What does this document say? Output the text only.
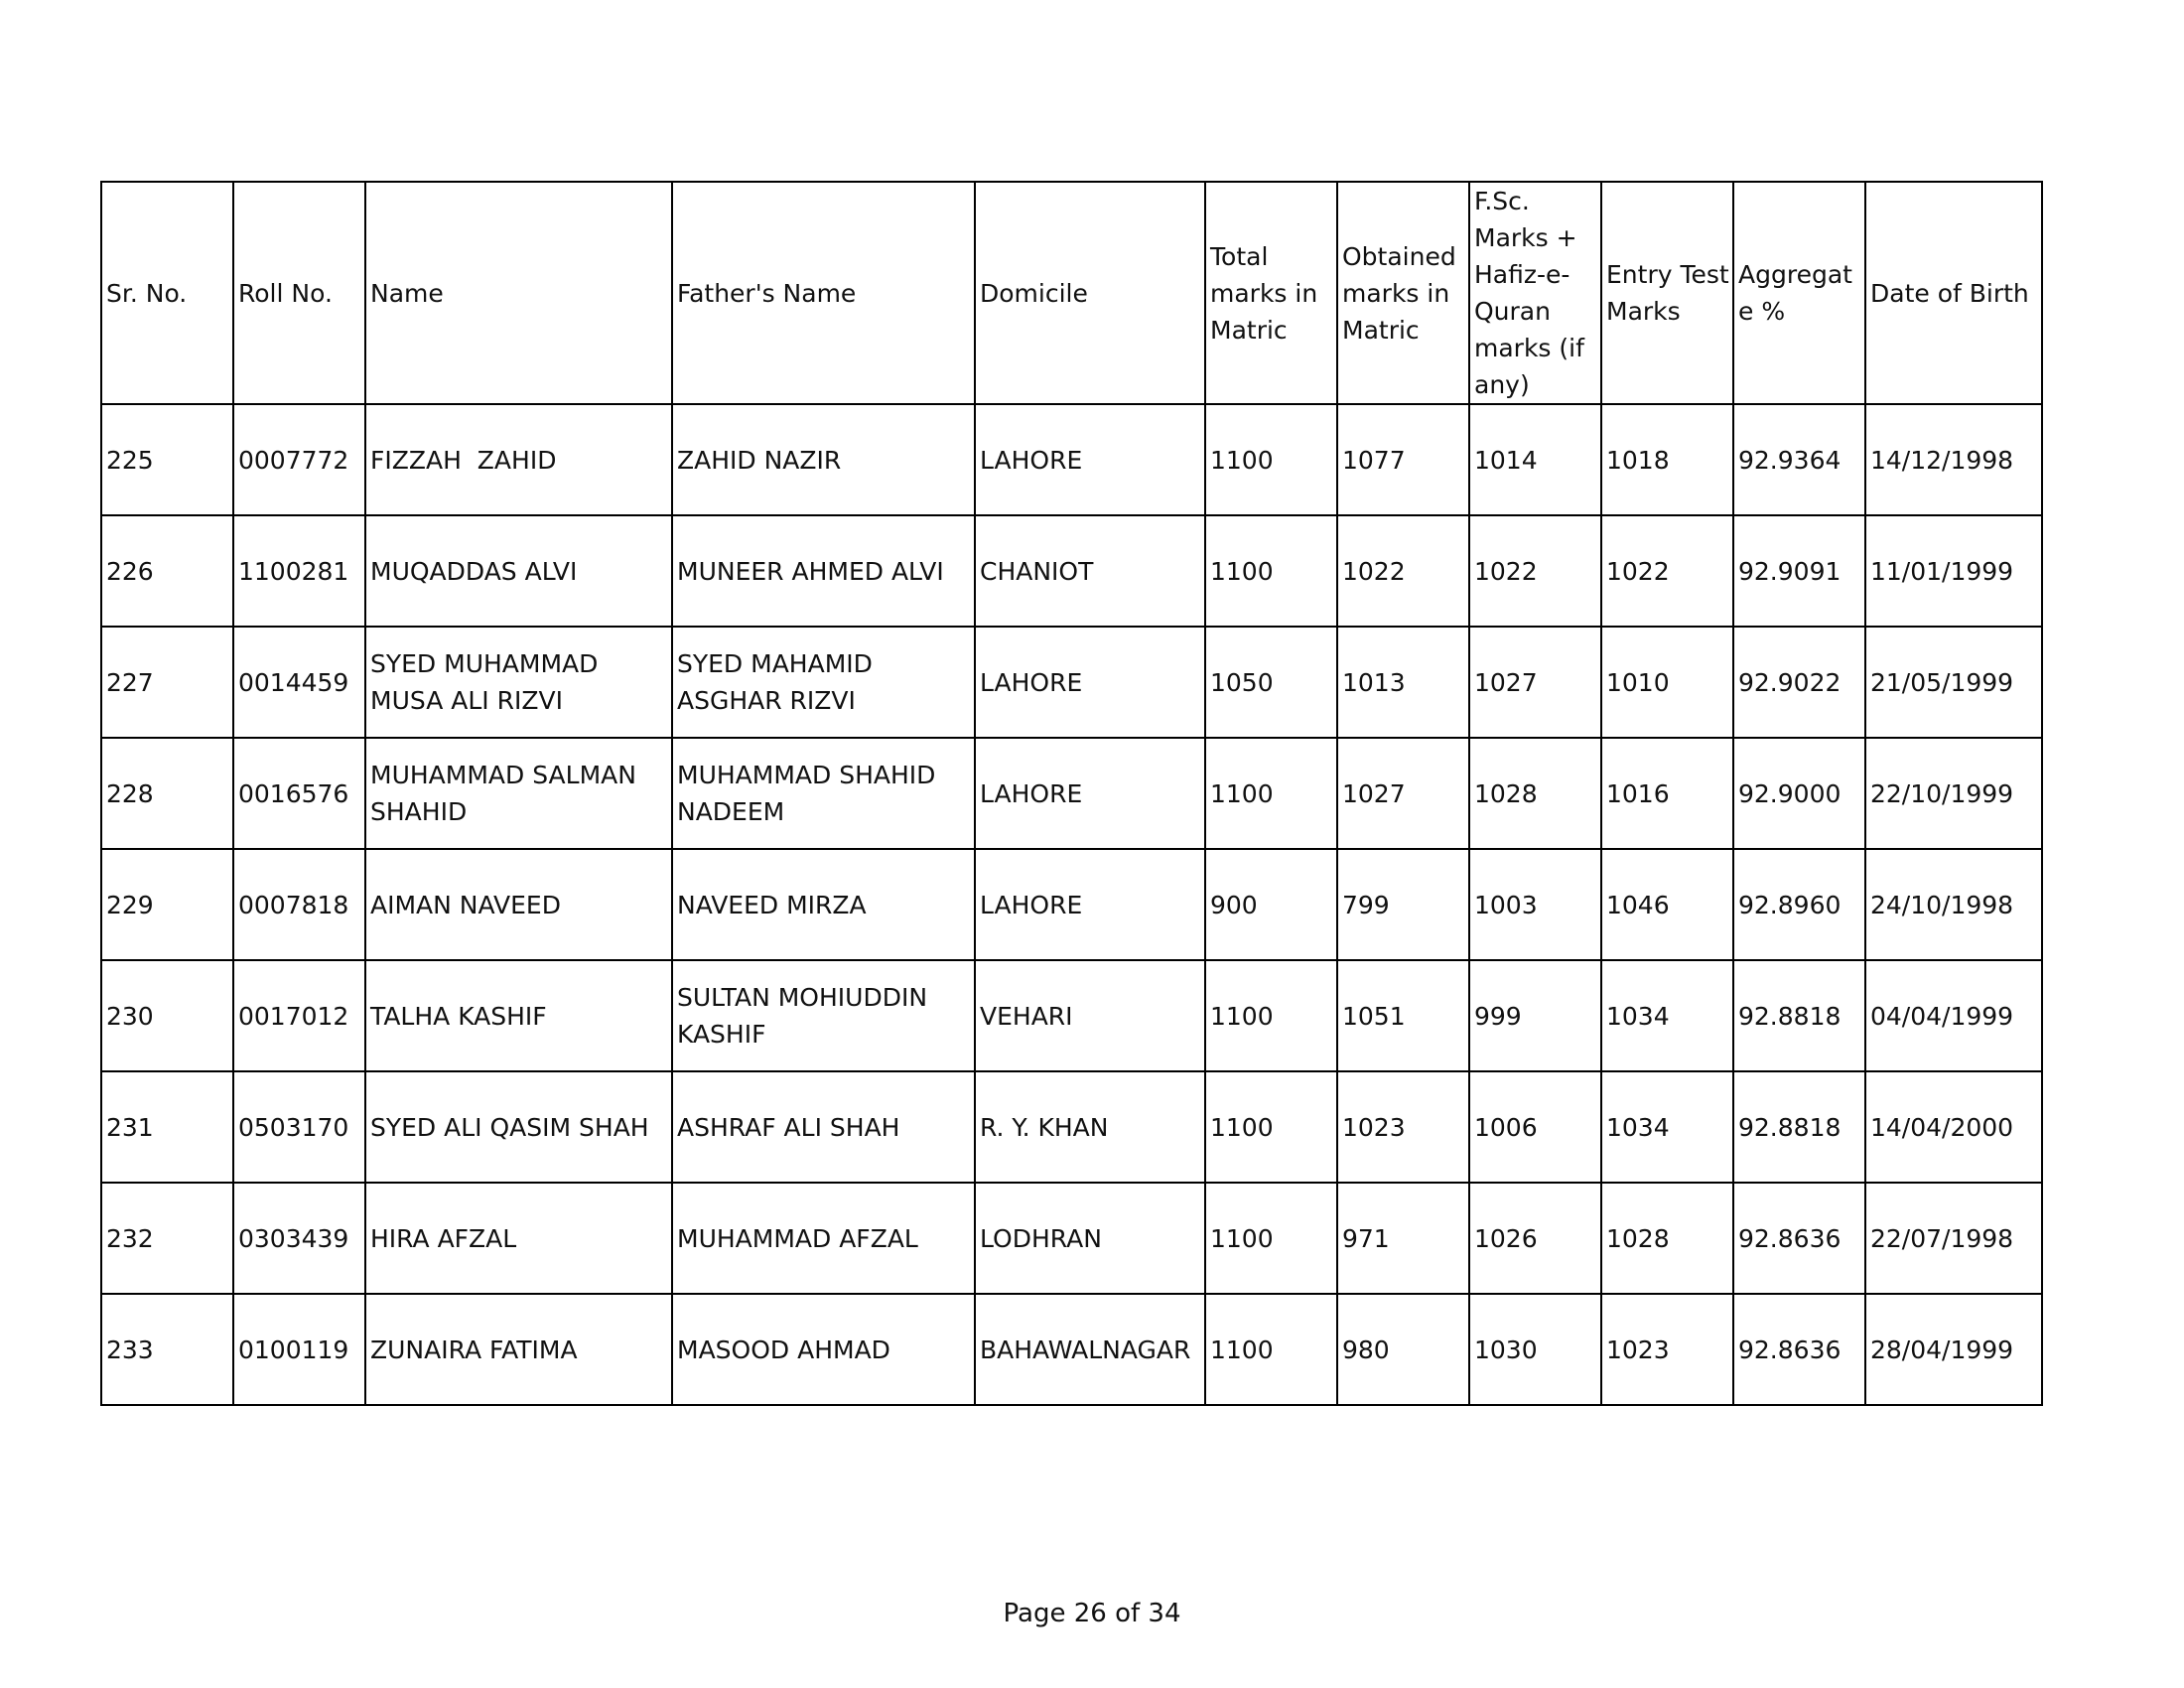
Sr. No.	Roll No.	Name	Father's Name	Domicile	Total marks in Matric	Obtained marks in Matric	F.Sc. Marks + Hafiz-e-Quran marks (if any)	Entry Test Marks	Aggregate %	Date of Birth
225	0007772	FIZZAH  ZAHID	ZAHID NAZIR	LAHORE	1100	1077	1014	1018	92.9364	14/12/1998
226	1100281	MUQADDAS ALVI	MUNEER AHMED ALVI	CHANIOT	1100	1022	1022	1022	92.9091	11/01/1999
227	0014459	SYED MUHAMMAD MUSA ALI RIZVI	SYED MAHAMID ASGHAR RIZVI	LAHORE	1050	1013	1027	1010	92.9022	21/05/1999
228	0016576	MUHAMMAD SALMAN SHAHID	MUHAMMAD SHAHID NADEEM	LAHORE	1100	1027	1028	1016	92.9000	22/10/1999
229	0007818	AIMAN NAVEED	NAVEED MIRZA	LAHORE	900	799	1003	1046	92.8960	24/10/1998
230	0017012	TALHA KASHIF	SULTAN MOHIUDDIN KASHIF	VEHARI	1100	1051	999	1034	92.8818	04/04/1999
231	0503170	SYED ALI QASIM SHAH	ASHRAF ALI SHAH	R. Y. KHAN	1100	1023	1006	1034	92.8818	14/04/2000
232	0303439	HIRA AFZAL	MUHAMMAD AFZAL	LODHRAN	1100	971	1026	1028	92.8636	22/07/1998
233	0100119	ZUNAIRA FATIMA	MASOOD AHMAD	BAHAWALNAGAR	1100	980	1030	1023	92.8636	28/04/1999
Page 26 of 34
